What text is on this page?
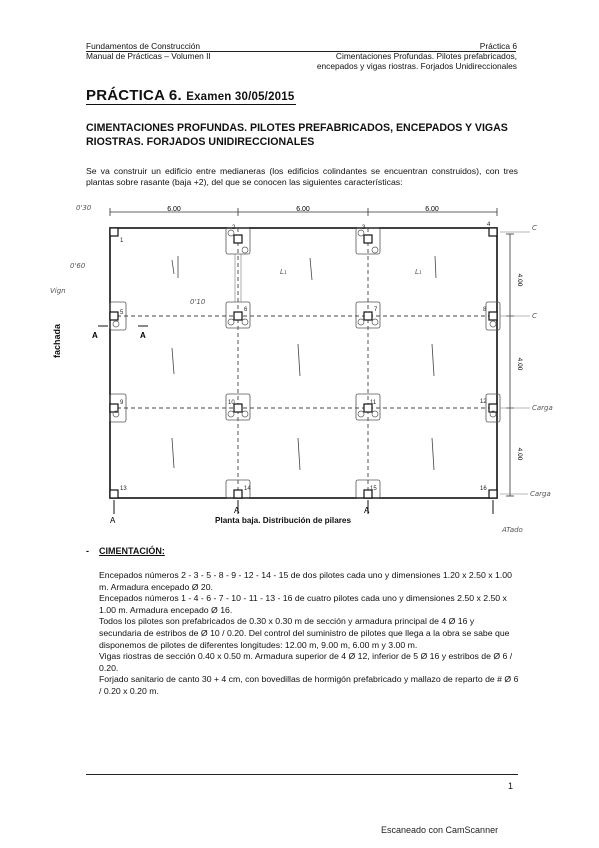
Fundamentos de Construcción
Manual de Prácticas – Volumen II
Práctica 6
Cimentaciones Profundas. Pilotes prefabricados,
encepados y vigas riostras. Forjados Unidireccionales
PRÁCTICA 6. Examen 30/05/2015
CIMENTACIONES PROFUNDAS. PILOTES PREFABRICADOS, ENCEPADOS Y VIGAS RIOSTRAS. FORJADOS UNIDIRECCIONALES
Se va construir un edificio entre medianeras (los edificios colindantes se encuentran construidos), con tres plantas sobre rasante (baja +2), del que se conocen las siguientes características:
6.00	6.00	6.00
4.00
4.00
4.00
1
2	3	4
5	6	7	8
9	10	11	12
13	14	15	16
A	A
A
A	A
0'30
0'60
Vign
0'10
L₁	L₁
C
C
Carga
Carga
ATado
fachada
Planta baja. Distribución de pilares
- CIMENTACIÓN:

Encepados números 2 - 3 - 5 - 8 - 9 - 12 - 14 - 15 de dos pilotes cada uno y dimensiones 1.20 x 2.50 x 1.00 m. Armadura encepado Ø 20.

Encepados números 1 - 4 - 6 - 7 - 10 - 11 - 13 - 16 de cuatro pilotes cada uno y dimensiones 2.50 x 2.50 x 1.00 m. Armadura encepado Ø 16.

Todos los pilotes son prefabricados de 0.30 x 0.30 m de sección y armadura principal de 4 Ø 16 y secundaria de estribos de Ø 10 / 0.20. Del control del suministro de pilotes que llega a la obra se sabe que disponemos de pilotes de diferentes longitudes: 12.00 m, 9.00 m, 6.00 m y 3.00 m.

Vigas riostras de sección 0.40 x 0.50 m. Armadura superior de 4 Ø 12, inferior de 5 Ø 16 y estribos de Ø 6 / 0.20.

Forjado sanitario de canto 30 + 4 cm, con bovedillas de hormigón prefabricado y mallazo de reparto de # Ø 6 / 0.20 x 0.20 m.

1
Escaneado con CamScanner
